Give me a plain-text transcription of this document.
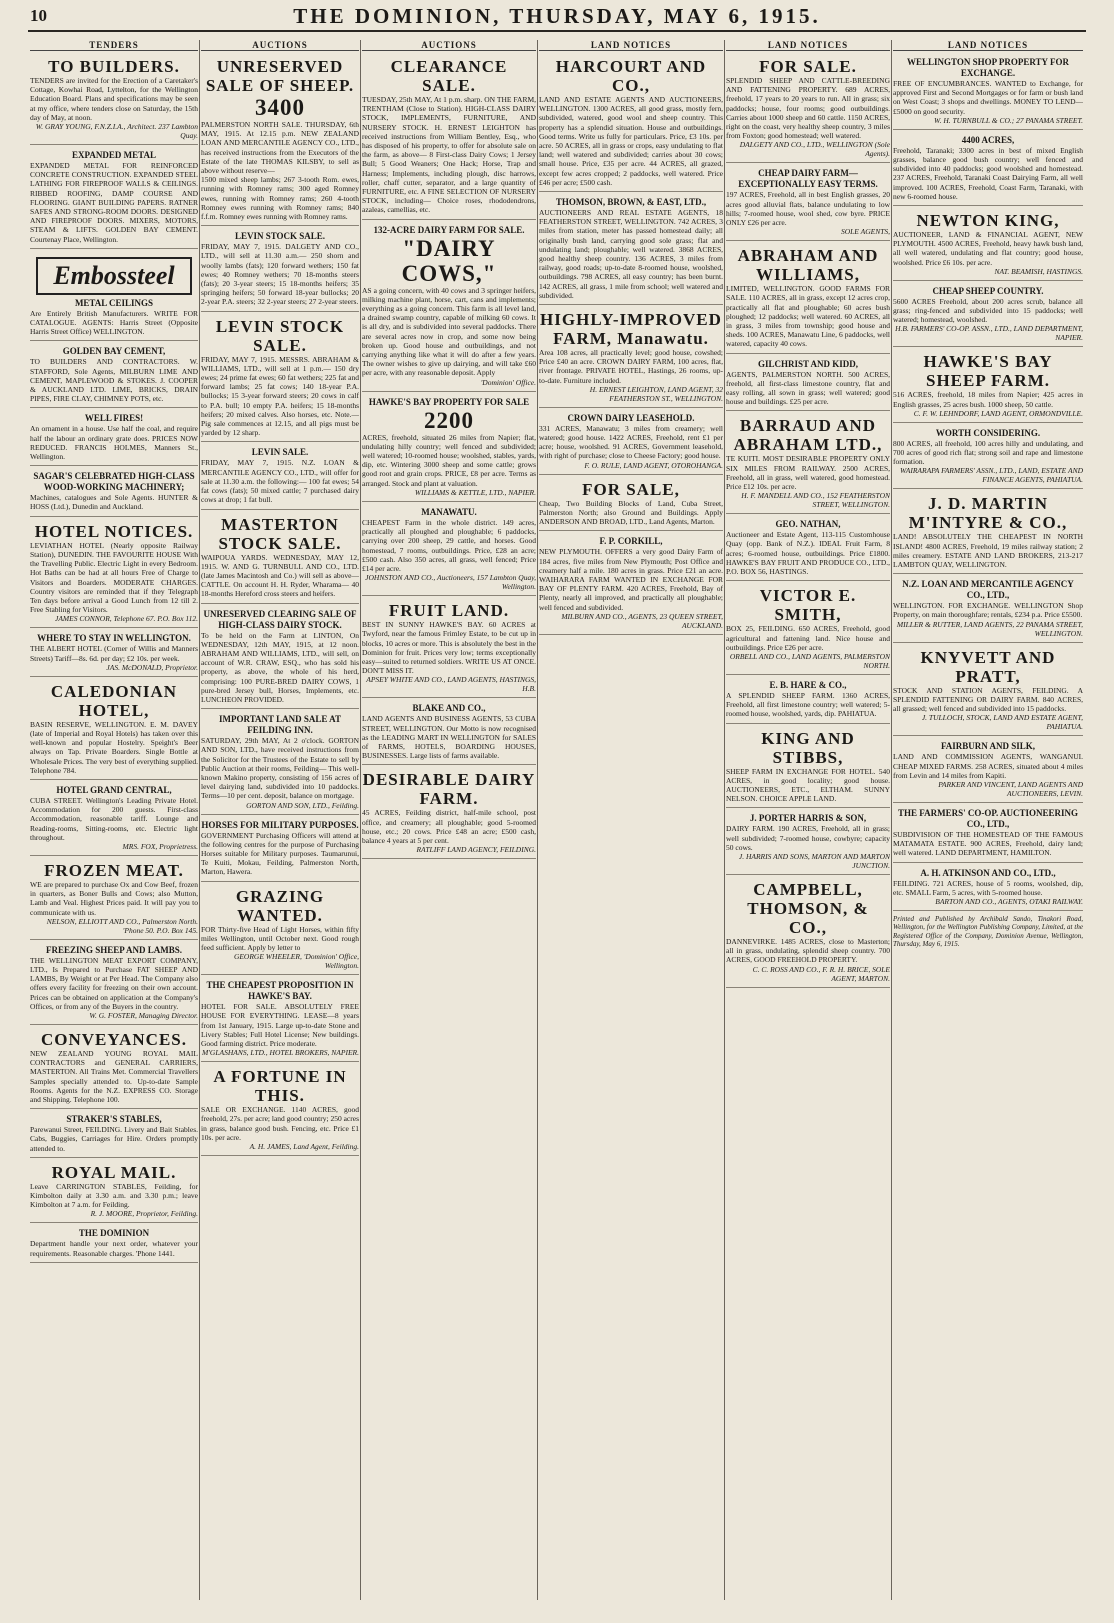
10	THE DOMINION, THURSDAY, MAY 6, 1915.
TENDERS
TO BUILDERS.
TENDERS are invited for the Erection of a Caretaker's Cottage, Kowhai Road, Lyttelton, for the Wellington Education Board. Plans and specifications may be seen at my office, where tenders close on Saturday, the 15th day of May, at noon.
W. GRAY YOUNG, F.N.Z.I.A., Architect. 237 Lambton Quay.
EXPANDED METAL
EXPANDED METAL FOR REINFORCED CONCRETE CONSTRUCTION. EXPANDED STEEL LATHING FOR FIREPROOF WALLS & CEILINGS. RIBBED ROOFING, DAMP COURSE AND FLOORING. GIANT BUILDING PAPERS. RATNER SAFES AND STRONG-ROOM DOORS. DESIGNED AND FIREPROOF DOORS. MIXERS, MOTORS, STEAM & LIFTS. GOLDEN BAY CEMENT. Courtenay Place, Wellington.
Embossteel
METAL CEILINGS
Are Entirely British Manufacturers. WRITE FOR CATALOGUE. AGENTS: Harris Street (Opposite Harris Street Office) WELLINGTON.
GOLDEN BAY CEMENT,
TO BUILDERS AND CONTRACTORS. W. STAFFORD, Sole Agents, MILBURN LIME AND CEMENT, MAPLEWOOD & STOKES. J. COOPER & AUCKLAND LTD. LIME, BRICKS, DRAIN PIPES, FIRE CLAY, CHIMNEY POTS, etc.
WELL FIRES!
An ornament in a house. Use half the coal, and require half the labour an ordinary grate does. PRICES NOW REDUCED. FRANCIS HOLMES, Manners St., Wellington.
SAGAR'S CELEBRATED HIGH-CLASS WOOD-WORKING MACHINERY;
Machines, catalogues and Sole Agents. HUNTER & HOSS (Ltd.), Dunedin and Auckland.
HOTEL NOTICES.
LEVIATHAN HOTEL (Nearly opposite Railway Station), DUNEDIN. THE FAVOURITE HOUSE With the Travelling Public. Electric Light in every Bedroom. Hot Baths can be had at all hours Free of Charge to Visitors and Boarders. MODERATE CHARGES. Country visitors are reminded that if they Telegraph Ten days before arrival a Good Lunch from 12 till 2. Free Stabling for Visitors.
JAMES CONNOR, Telephone 67. P.O. Box 112.
WHERE TO STAY IN WELLINGTON.
THE ALBERT HOTEL (Corner of Willis and Manners Streets) Tariff—8s. 6d. per day; £2 10s. per week.
JAS. McDONALD, Proprietor.
CALEDONIAN HOTEL,
BASIN RESERVE, WELLINGTON. E. M. DAVEY (late of Imperial and Royal Hotels) has taken over this well-known and popular Hostelry. Speight's Beer always on Tap. Private Boarders. Single Bottle at Wholesale Prices. The very best of everything supplied. Telephone 784.
HOTEL GRAND CENTRAL,
CUBA STREET. Wellington's Leading Private Hotel. Accommodation for 200 guests. First-class Accommodation, reasonable tariff. Lounge and Reading-rooms, Sitting-rooms, etc. Electric light throughout.
MRS. FOX, Proprietress.
FROZEN MEAT.
WE are prepared to purchase Ox and Cow Beef, frozen in quarters, as Boner Bulls and Cows; also Mutton, Lamb and Veal. Highest Prices paid. It will pay you to communicate with us.
NELSON, ELLIOTT AND CO., Palmerston North. 'Phone 50. P.O. Box 145.
FREEZING SHEEP AND LAMBS.
THE WELLINGTON MEAT EXPORT COMPANY, LTD., Is Prepared to Purchase FAT SHEEP AND LAMBS, By Weight or at Per Head. The Company also offers every facility for freezing on their own account. Prices can be obtained on application at the Company's Offices, or from any of the Buyers in the country.
W. G. FOSTER, Managing Director.
CONVEYANCES.
NEW ZEALAND YOUNG ROYAL MAIL CONTRACTORS and GENERAL CARRIERS, MASTERTON. All Trains Met. Commercial Travellers Samples specially attended to. Up-to-date Sample Rooms. Agents for the N.Z. EXPRESS CO. Storage and Shipping. Telephone 100.
STRAKER'S STABLES,
Parewanui Street, FEILDING. Livery and Bait Stables. Cabs, Buggies, Carriages for Hire. Orders promptly attended to.
ROYAL MAIL.
Leave CARRINGTON STABLES, Feilding, for Kimbolton daily at 3.30 a.m. and 3.30 p.m.; leave Kimbolton at 7 a.m. for Feilding.
R. J. MOORE, Proprietor, Feilding.
THE DOMINION
Department handle your next order, whatever your requirements. Reasonable charges. 'Phone 1441.
AUCTIONS
UNRESERVED SALE OF SHEEP.
3400
PALMERSTON NORTH SALE. THURSDAY, 6th MAY, 1915. At 12.15 p.m. NEW ZEALAND LOAN AND MERCANTILE AGENCY CO., LTD., has received instructions from the Executors of the Estate of the late THOMAS KILSBY, to sell as above without reserve—
1500 mixed sheep lambs; 267 3-tooth Rom. ewes, running with Romney rams; 300 aged Romney ewes, running with Romney rams; 260 4-tooth Romney ewes running with Romney rams; 840 f.f.m. Romney ewes running with Romney rams.
LEVIN STOCK SALE.
FRIDAY, MAY 7, 1915. DALGETY AND CO., LTD., will sell at 11.30 a.m.— 250 shorn and woolly lambs (fats); 120 forward wethers; 150 fat ewes; 40 Romney wethers; 70 18-months steers (fats); 20 3-year steers; 15 18-months heifers; 35 springing heifers; 50 forward 18-year bullocks; 20 2-year P.A. steers; 32 2-year steers; 27 2-year steers.
LEVIN STOCK SALE.
FRIDAY, MAY 7, 1915. MESSRS. ABRAHAM & WILLIAMS, LTD., will sell at 1 p.m.— 150 dry ewes; 24 prime fat ewes; 60 fat wethers; 225 fat and forward lambs; 25 fat cows; 140 18-year P.A. bullocks; 15 3-year forward steers; 20 cows in calf to P.A. bull; 10 empty P.A. heifers; 15 18-months heifers; 20 mixed calves. Also horses, etc. Note.—Pig sale commences at 12.15, and all pigs must be yarded by 12 sharp.
LEVIN SALE.
FRIDAY, MAY 7, 1915. N.Z. LOAN & MERCANTILE AGENCY CO., LTD., will offer for sale at 11.30 a.m. the following:— 100 fat ewes; 54 fat cows (fats); 50 mixed cattle; 7 purchased dairy cows at drop; 1 fat bull.
MASTERTON STOCK SALE.
WAIPOUA YARDS. WEDNESDAY, MAY 12, 1915. W. AND G. TURNBULL AND CO., LTD. (late James Macintosh and Co.) will sell as above— CATTLE. On account H. H. Ryder, Wharama— 40 18-months Hereford cross steers and heifers.
UNRESERVED CLEARING SALE OF HIGH-CLASS DAIRY STOCK.
To be held on the Farm at LINTON, On WEDNESDAY, 12th MAY, 1915, at 12 noon. ABRAHAM AND WILLIAMS, LTD., will sell, on account of W.R. CRAW, ESQ., who has sold his property, as above, the whole of his herd, comprising: 100 PURE-BRED DAIRY COWS, 1 pure-bred Jersey bull, Horses, Implements, etc. LUNCHEON PROVIDED.
IMPORTANT LAND SALE AT FEILDING INN.
SATURDAY, 29th MAY, At 2 o'clock. GORTON AND SON, LTD., have received instructions from the Solicitor for the Trustees of the Estate to sell by Public Auction at their rooms, Feilding— This well-known Makino property, consisting of 156 acres of level dairying land, subdivided into 10 paddocks. Terms—10 per cent. deposit, balance on mortgage.
GORTON AND SON, LTD., Feilding.
HORSES FOR MILITARY PURPOSES.
GOVERNMENT Purchasing Officers will attend at the following centres for the purpose of Purchasing Horses suitable for Military purposes. Taumarunui, Te Kuiti, Mokau, Feilding, Palmerston North, Marton, Hawera.
GRAZING WANTED.
FOR Thirty-five Head of Light Horses, within fifty miles Wellington, until October next. Good rough feed sufficient. Apply by letter to
GEORGE WHEELER, 'Dominion' Office, Wellington.
THE CHEAPEST PROPOSITION IN HAWKE'S BAY.
HOTEL FOR SALE. ABSOLUTELY FREE HOUSE FOR EVERYTHING. LEASE—8 years from 1st January, 1915. Large up-to-date Stone and Livery Stables; Full Hotel License; New buildings. Good farming district. Price moderate.
M'GLASHANS, LTD., HOTEL BROKERS, NAPIER.
A FORTUNE IN THIS.
SALE OR EXCHANGE. 1140 ACRES, good freehold, 27s. per acre; land good country; 250 acres in grass, balance good bush. Fencing, etc. Price £1 10s. per acre.
A. H. JAMES, Land Agent, Feilding.
AUCTIONS
CLEARANCE SALE.
TUESDAY, 25th MAY, At 1 p.m. sharp. ON THE FARM, TRENTHAM (Close to Station). HIGH-CLASS DAIRY STOCK, IMPLEMENTS, FURNITURE, AND NURSERY STOCK. H. ERNEST LEIGHTON has received instructions from William Bentley, Esq., who has disposed of his property, to offer for absolute sale on the farm, as above— 8 First-class Dairy Cows; 1 Jersey Bull; 5 Good Weaners; One Hack; Horse, Trap and Harness; Implements, including plough, disc harrows, roller, chaff cutter, separator, and a large quantity of FURNITURE, etc. A FINE SELECTION OF NURSERY STOCK, including— Choice roses, rhododendrons, azaleas, camellias, etc.
132-ACRE DAIRY FARM FOR SALE.
"DAIRY COWS,"
AS a going concern, with 40 cows and 3 springer heifers, milking machine plant, horse, cart, cans and implements; everything as a going concern. This farm is all level land, a drained swamp country, capable of milking 60 cows. It is all dry, and is subdivided into several paddocks. There are several acres now in crop, and some now being broken up. Good house and outbuildings, and not carrying anything like what it will do after a few years. The owner wishes to give up dairying, and will take £60 per acre, with any reasonable deposit. Apply
'Dominion' Office.
HAWKE'S BAY PROPERTY FOR SALE
2200
ACRES, freehold, situated 26 miles from Napier; flat, undulating hilly country; well fenced and subdivided; well watered; 10-roomed house; woolshed, stables, yards, dip, etc. Wintering 3000 sheep and some cattle; grows good root and grain crops. PRICE, £8 per acre. Terms as arranged. Stock and plant at valuation.
WILLIAMS & KETTLE, LTD., NAPIER.
MANAWATU.
CHEAPEST Farm in the whole district. 149 acres, practically all ploughed and ploughable; 6 paddocks, carrying over 200 sheep, 29 cattle, and horses. Good homestead, 7 rooms, outbuildings. Price, £28 an acre; £500 cash. Also 350 acres, all grass, well fenced; Price £14 per acre.
JOHNSTON AND CO., Auctioneers, 157 Lambton Quay, Wellington.
FRUIT LAND.
BEST IN SUNNY HAWKE'S BAY. 60 ACRES at Twyford, near the famous Frimley Estate, to be cut up in blocks, 10 acres or more. This is absolutely the best in the Dominion for fruit. Prices very low; terms exceptionally easy—suited to returned soldiers. WRITE US AT ONCE. DON'T MISS IT.
APSEY WHITE AND CO., LAND AGENTS, HASTINGS, H.B.
BLAKE AND CO.,
LAND AGENTS AND BUSINESS AGENTS, 53 CUBA STREET, WELLINGTON. Our Motto is now recognised as the LEADING MART IN WELLINGTON for SALES of FARMS, HOTELS, BOARDING HOUSES, BUSINESSES. Large lists of farms available.
DESIRABLE DAIRY FARM.
45 ACRES, Feilding district, half-mile school, post office, and creamery; all ploughable; good 5-roomed house, etc.; 20 cows. Price £48 an acre; £500 cash, balance 4 years at 5 per cent.
RATLIFF LAND AGENCY, FEILDING.
LAND NOTICES
HARCOURT AND CO.,
LAND AND ESTATE AGENTS AND AUCTIONEERS, WELLINGTON. 1300 ACRES, all good grass, mostly fern, subdivided, watered, good wool and sheep country. This property has a splendid situation. House and outbuildings. Good terms. Write us fully for particulars. Price, £3 10s. per acre. 50 ACRES, all in grass or crops, easy undulating to flat land; well watered and subdivided; carries about 30 cows; small house. Price, £35 per acre. 44 ACRES, all grazed, except few acres cropped; 2 paddocks, well watered. Price £46 per acre; £500 cash.
THOMSON, BROWN, & EAST, LTD.,
AUCTIONEERS AND REAL ESTATE AGENTS, 18 FEATHERSTON STREET, WELLINGTON. 742 ACRES, 3 miles from station, meter has passed homestead daily; all originally bush land, carrying good sole grass; flat and undulating land; ploughable; well watered. 3868 ACRES, good healthy sheep country. 136 ACRES, 3 miles from railway, good roads; up-to-date 8-roomed house, woolshed, outbuildings. 798 ACRES, all easy country; has been burnt. 142 ACRES, all grass, 1 mile from school; well watered and subdivided.
HIGHLY-IMPROVED FARM, Manawatu.
Area 108 acres, all practically level; good house, cowshed; Price £40 an acre. CROWN DAIRY FARM, 100 acres, flat, river frontage. PRIVATE HOTEL, Hastings, 26 rooms, up-to-date. Furniture included.
H. ERNEST LEIGHTON, LAND AGENT, 32 FEATHERSTON ST., WELLINGTON.
CROWN DAIRY LEASEHOLD.
331 ACRES, Manawatu; 3 miles from creamery; well watered; good house. 1422 ACRES, Freehold, rent £1 per acre; house, woolshed. 91 ACRES, Government leasehold, with right of purchase; close to Cheese Factory; good house.
F. O. RULE, LAND AGENT, OTOROHANGA.
FOR SALE,
Cheap, Two Building Blocks of Land, Cuba Street, Palmerston North; also Ground and Buildings. Apply ANDERSON AND BROAD, LTD., Land Agents, Marton.
F. P. CORKILL,
NEW PLYMOUTH. OFFERS a very good Dairy Farm of 184 acres, five miles from New Plymouth; Post Office and creamery half a mile. 180 acres in grass. Price £21 an acre. WAIHARARA FARM WANTED IN EXCHANGE FOR BAY OF PLENTY FARM. 420 ACRES, Freehold, Bay of Plenty, nearly all improved, and practically all ploughable; well fenced and subdivided.
MILBURN AND CO., AGENTS, 23 QUEEN STREET, AUCKLAND.
LAND NOTICES
FOR SALE.
SPLENDID SHEEP AND CATTLE-BREEDING AND FATTENING PROPERTY. 689 ACRES, freehold, 17 years to 20 years to run. All in grass; six paddocks; house, four rooms; good outbuildings. Carries about 1000 sheep and 60 cattle. 1150 ACRES, right on the coast, very healthy sheep country, 3 miles from Foxton; good homestead; well watered.
DALGETY AND CO., LTD., WELLINGTON (Sole Agents).
CHEAP DAIRY FARM—EXCEPTIONALLY EASY TERMS.
197 ACRES, Freehold, all in best English grasses, 20 acres good alluvial flats, balance undulating to low hills; 7-roomed house, wool shed, cow byre. PRICE ONLY £26 per acre.
SOLE AGENTS,
ABRAHAM AND WILLIAMS,
LIMITED, WELLINGTON. GOOD FARMS FOR SALE. 110 ACRES, all in grass, except 12 acres crop, practically all flat and ploughable; 60 acres bush ploughed; 12 paddocks; well watered. 60 ACRES, all in grass, 3 miles from township; good house and sheds. 100 ACRES, Manawatu Line, 6 paddocks, well watered, capacity 40 cows.
GILCHRIST AND KIDD,
AGENTS, PALMERSTON NORTH. 500 ACRES, freehold, all first-class limestone country, flat and easy rolling, all sown in grass; well watered; good house and buildings. £25 per acre.
BARRAUD AND ABRAHAM LTD.,
TE KUITI. MOST DESIRABLE PROPERTY ONLY SIX MILES FROM RAILWAY. 2500 ACRES, Freehold, all in grass, well watered, good homestead. Price £12 10s. per acre.
H. F. MANDELL AND CO., 152 FEATHERSTON STREET, WELLINGTON.
GEO. NATHAN,
Auctioneer and Estate Agent, 113-115 Customhouse Quay (opp. Bank of N.Z.). IDEAL Fruit Farm, 8 acres; 6-roomed house, outbuildings. Price £1800. HAWKE'S BAY FRUIT AND PRODUCE CO., LTD., P.O. BOX 56, HASTINGS.
VICTOR E. SMITH,
BOX 25, FEILDING. 650 ACRES, Freehold, good agricultural and fattening land. Nice house and outbuildings. Price £26 per acre.
ORBELL AND CO., LAND AGENTS, PALMERSTON NORTH.
E. B. HARE & CO.,
A SPLENDID SHEEP FARM. 1360 ACRES, Freehold, all first limestone country; well watered; 5-roomed house, woolshed, yards, dip. PAHIATUA.
KING AND STIBBS,
SHEEP FARM IN EXCHANGE FOR HOTEL. 540 ACRES, in good locality; good house. AUCTIONEERS, ETC., ELTHAM. SUNNY NELSON. CHOICE APPLE LAND.
J. PORTER HARRIS & SON,
DAIRY FARM. 190 ACRES, Freehold, all in grass; well subdivided; 7-roomed house, cowbyre; capacity 50 cows.
J. HARRIS AND SONS, MARTON AND MARTON JUNCTION.
CAMPBELL, THOMSON, & CO.,
DANNEVIRKE. 1485 ACRES, close to Masterton; all in grass, undulating, splendid sheep country. 700 ACRES, GOOD FREEHOLD PROPERTY.
C. C. ROSS AND CO., F. R. H. BRICE, SOLE AGENT, MARTON.
LAND NOTICES
WELLINGTON SHOP PROPERTY FOR EXCHANGE.
FREE OF ENCUMBRANCES. WANTED to Exchange, for approved First and Second Mortgages or for farm or bush land on West Coast; 3 shops and dwellings. MONEY TO LEND—£5000 on good security.
W. H. TURNBULL & CO.; 27 PANAMA STREET.
4400 ACRES,
Freehold, Taranaki; 3300 acres in best of mixed English grasses, balance good bush country; well fenced and subdivided into 40 paddocks; good woolshed and homestead. 237 ACRES, Freehold, Taranaki Coast Dairying Farm, all well improved. 100 ACRES, Freehold, Coast Farm, Taranaki, with new 6-roomed house.
NEWTON KING,
AUCTIONEER, LAND & FINANCIAL AGENT, NEW PLYMOUTH. 4500 ACRES, Freehold, heavy hawk bush land, all well watered, undulating and flat country; good house, woolshed. Price £6 10s. per acre.
NAT. BEAMISH, HASTINGS.
CHEAP SHEEP COUNTRY.
5600 ACRES Freehold, about 200 acres scrub, balance all grass; ring-fenced and subdivided into 15 paddocks; well watered; homestead, woolshed.
H.B. FARMERS' CO-OP. ASSN., LTD., LAND DEPARTMENT, NAPIER.
HAWKE'S BAY SHEEP FARM.
516 ACRES, freehold, 18 miles from Napier; 425 acres in English grasses, 25 acres bush. 1000 sheep, 50 cattle.
C. F. W. LEHNDORF, LAND AGENT, ORMONDVILLE.
WORTH CONSIDERING.
800 ACRES, all freehold, 100 acres hilly and undulating, and 700 acres of good rich flat; strong soil and rape and limestone formation.
WAIRARAPA FARMERS' ASSN., LTD., LAND, ESTATE AND FINANCE AGENTS, PAHIATUA.
J. D. MARTIN M'INTYRE & CO.,
LAND! ABSOLUTELY THE CHEAPEST IN NORTH ISLAND! 4800 ACRES, Freehold, 19 miles railway station; 2 miles creamery. ESTATE AND LAND BROKERS, 213-217 LAMBTON QUAY, WELLINGTON.
N.Z. LOAN AND MERCANTILE AGENCY CO., LTD.,
WELLINGTON. FOR EXCHANGE. WELLINGTON Shop Property, on main thoroughfare; rentals, £234 p.a. Price £5500.
MILLER & RUTTER, LAND AGENTS, 22 PANAMA STREET, WELLINGTON.
KNYVETT AND PRATT,
STOCK AND STATION AGENTS, FEILDING. A SPLENDID FATTENING OR DAIRY FARM. 840 ACRES, all grassed; well fenced and subdivided into 15 paddocks.
J. TULLOCH, STOCK, LAND AND ESTATE AGENT, PAHIATUA.
FAIRBURN AND SILK,
LAND AND COMMISSION AGENTS, WANGANUI. CHEAP MIXED FARMS. 258 ACRES, situated about 4 miles from Levin and 14 miles from Kapiti.
PARKER AND VINCENT, LAND AGENTS AND AUCTIONEERS, LEVIN.
THE FARMERS' CO-OP. AUCTIONEERING CO., LTD.,
SUBDIVISION OF THE HOMESTEAD OF THE FAMOUS MATAMATA ESTATE. 900 ACRES, Freehold, dairy land; well watered. LAND DEPARTMENT, HAMILTON.
A. H. ATKINSON AND CO., LTD.,
FEILDING. 721 ACRES, house of 5 rooms, woolshed, dip, etc. SMALL Farm, 5 acres, with 5-roomed house.
BARTON AND CO., AGENTS, OTAKI RAILWAY.
Printed and Published by Archibald Sando, Tinakori Road, Wellington, for the Wellington Publishing Company, Limited, at the Registered Office of the Company, Dominion Avenue, Wellington, Thursday, May 6, 1915.
